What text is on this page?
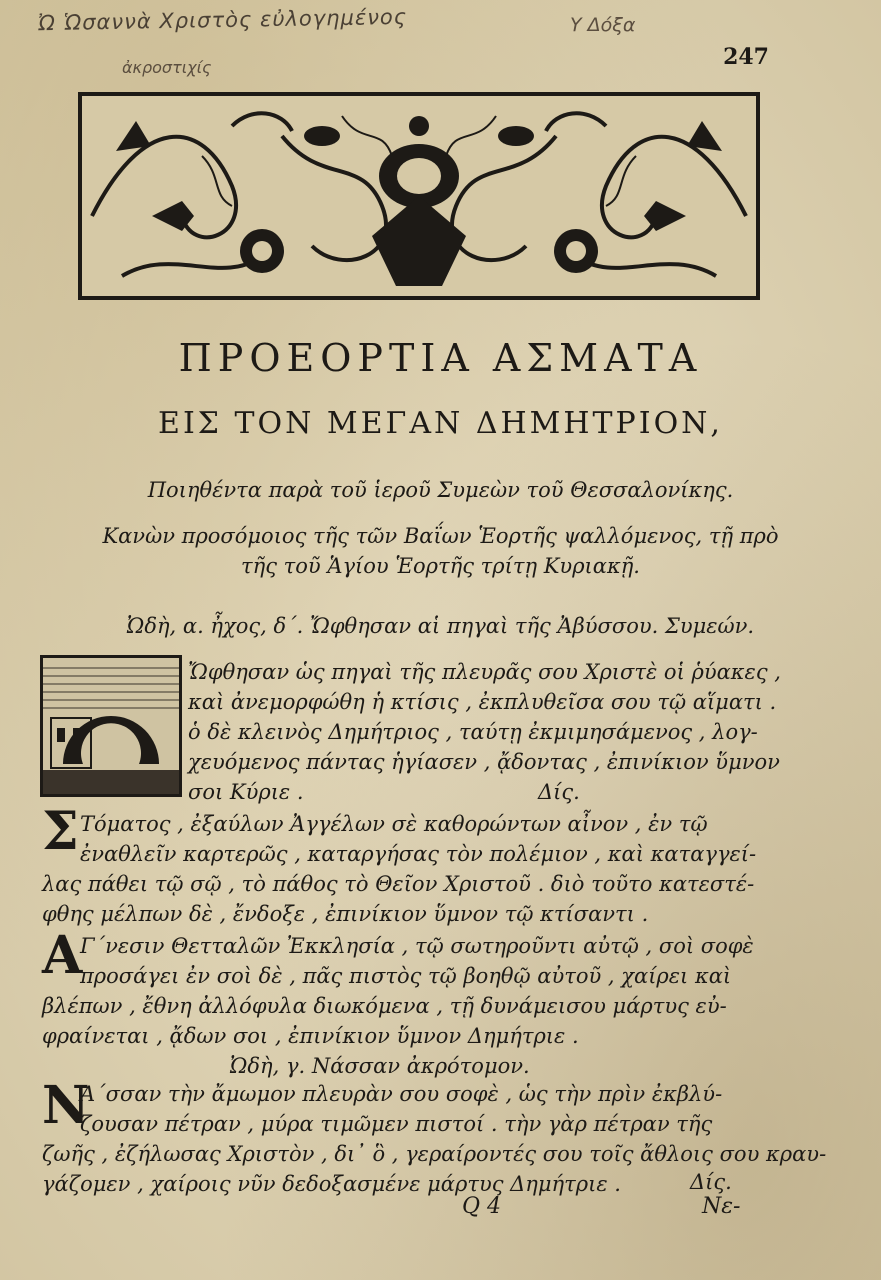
Ὠ Ὡσαννὰ Χριστὸς εὐλογημένος	Υ Δόξα
ἀκροστιχίς	247
ΠΡΟΕΟΡΤΙΑ ΑΣΜΑΤΑ
ΕΙΣ ΤΟΝ ΜΕΓΑΝ ΔΗΜΗΤΡΙΟΝ,
Ποιηθέντα παρὰ τοῦ ἱεροῦ Συμεὼν τοῦ Θεσσαλονίκης.
Κανὼν προσόμοιος τῆς τῶν Βαΐων Ἑορτῆς ψαλλόμενος, τῇ πρὸ
τῆς τοῦ Ἁγίου Ἑορτῆς τρίτῃ Κυριακῇ.
Ὠδὴ, α. ἦχος, δ΄. Ὤφθησαν αἱ πηγαὶ τῆς Ἀβύσσου. Συμεών.
Ὤφθησαν ὡς πηγαὶ τῆς πλευρᾶς σου Χριστὲ οἱ ῥύακες ,
καὶ ἀνεμορφώθη ἡ κτίσις , ἐκπλυθεῖσα σου τῷ αἵματι .
ὁ δὲ κλεινὸς Δημήτριος , ταύτῃ ἐκμιμησάμενος , λογ-
χευόμενος πάντας ἡγίασεν , ᾄδοντας , ἐπινίκιον ὕμνον
σοι Κύριε .	Δίς.
Σ Τόματος , ἐξαύλων Ἀγγέλων σὲ καθορώντων αἶνον , ἐν τῷ
ἐναθλεῖν καρτερῶς , καταργήσας τὸν πολέμιον , καὶ καταγγεί-
λας πάθει τῷ σῷ , τὸ πάθος τὸ Θεῖον Χριστοῦ . διὸ τοῦτο κατεστέ-
φθης μέλπων δὲ , ἔνδοξε , ἐπινίκιον ὕμνον τῷ κτίσαντι .
Α
Γ΄νεσιν Θετταλῶν Ἐκκλησία , τῷ σωτηροῦντι αὐτῷ , σοὶ σοφὲ
προσάγει ἐν σοὶ δὲ , πᾶς πιστὸς τῷ βοηθῷ αὐτοῦ , χαίρει καὶ
βλέπων , ἔθνη ἀλλόφυλα διωκόμενα , τῇ δυνάμεισου μάρτυς εὐ-
φραίνεται , ᾄδων σοι , ἐπινίκιον ὕμνον Δημήτριε .
Ὠδὴ, γ. Νάσσαν ἀκρότομον.
Ν
Α΄σσαν τὴν ἄμωμον πλευρὰν σου σοφὲ , ὡς τὴν πρὶν ἐκβλύ-
ζουσαν πέτραν , μύρα τιμῶμεν πιστοί . τὴν γὰρ πέτραν τῆς
ζωῆς , ἐζήλωσας Χριστὸν , δι᾽ ὃ , γεραίροντές σου τοῖς ἄθλοις σου κραυ-
γάζομεν , χαίροις νῦν δεδοξασμένε μάρτυς Δημήτριε .	Δίς.
Q 4	Νε-
